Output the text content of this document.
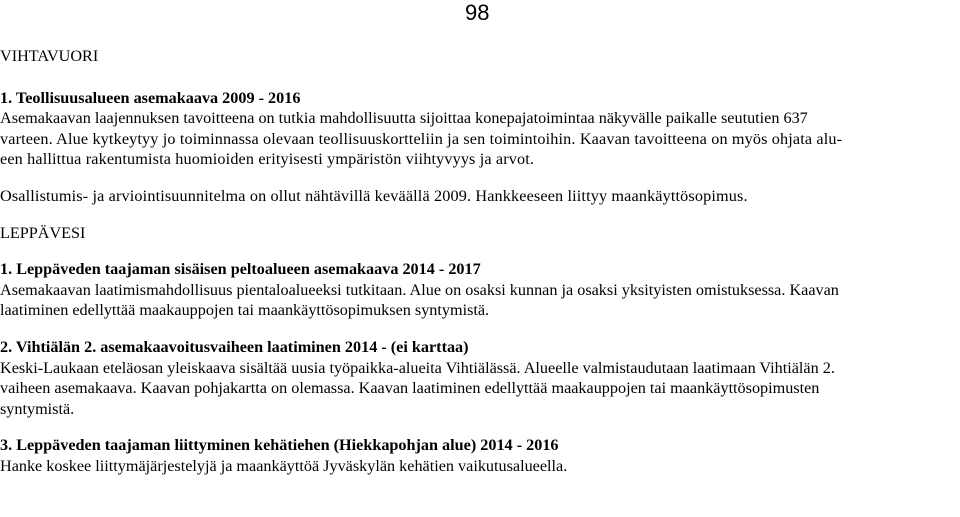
98

VIHTAVUORI

1. Teollisuusalueen asemakaava 2009 - 2016

Asemakaavan laajennuksen tavoitteena on tutkia mahdollisuutta sijoittaa konepajatoimintaa näkyvälle paikalle seututien 637

varteen. Alue kytkeytyy jo toiminnassa olevaan teollisuuskortteliin ja sen toimintoihin. Kaavan tavoitteena on myös ohjata alu-

een hallittua rakentumista huomioiden erityisesti ympäristön viihtyvyys ja arvot.

Osallistumis- ja arviointisuunnitelma on ollut nähtävillä keväällä 2009. Hankkeeseen liittyy maankäyttösopimus.

LEPPÄVESI

1. Leppäveden taajaman sisäisen peltoalueen asemakaava 2014 - 2017

Asemakaavan laatimismahdollisuus pientaloalueeksi tutkitaan. Alue on osaksi kunnan ja osaksi yksityisten omistuksessa. Kaavan

laatiminen edellyttää maakauppojen tai maankäyttösopimuksen syntymistä.

2. Vihtiälän 2. asemakaavoitusvaiheen laatiminen 2014 - (ei karttaa)

Keski-Laukaan eteläosan yleiskaava sisältää uusia työpaikka-alueita Vihtiälässä. Alueelle valmistaudutaan laatimaan Vihtiälän 2.

vaiheen asemakaava. Kaavan pohjakartta on olemassa. Kaavan laatiminen edellyttää maakauppojen tai maankäyttösopimusten

syntymistä.

3. Leppäveden taajaman liittyminen kehätiehen (Hiekkapohjan alue) 2014 - 2016

Hanke koskee liittymäjärjestelyjä ja maankäyttöä Jyväskylän kehätien vaikutusalueella.
